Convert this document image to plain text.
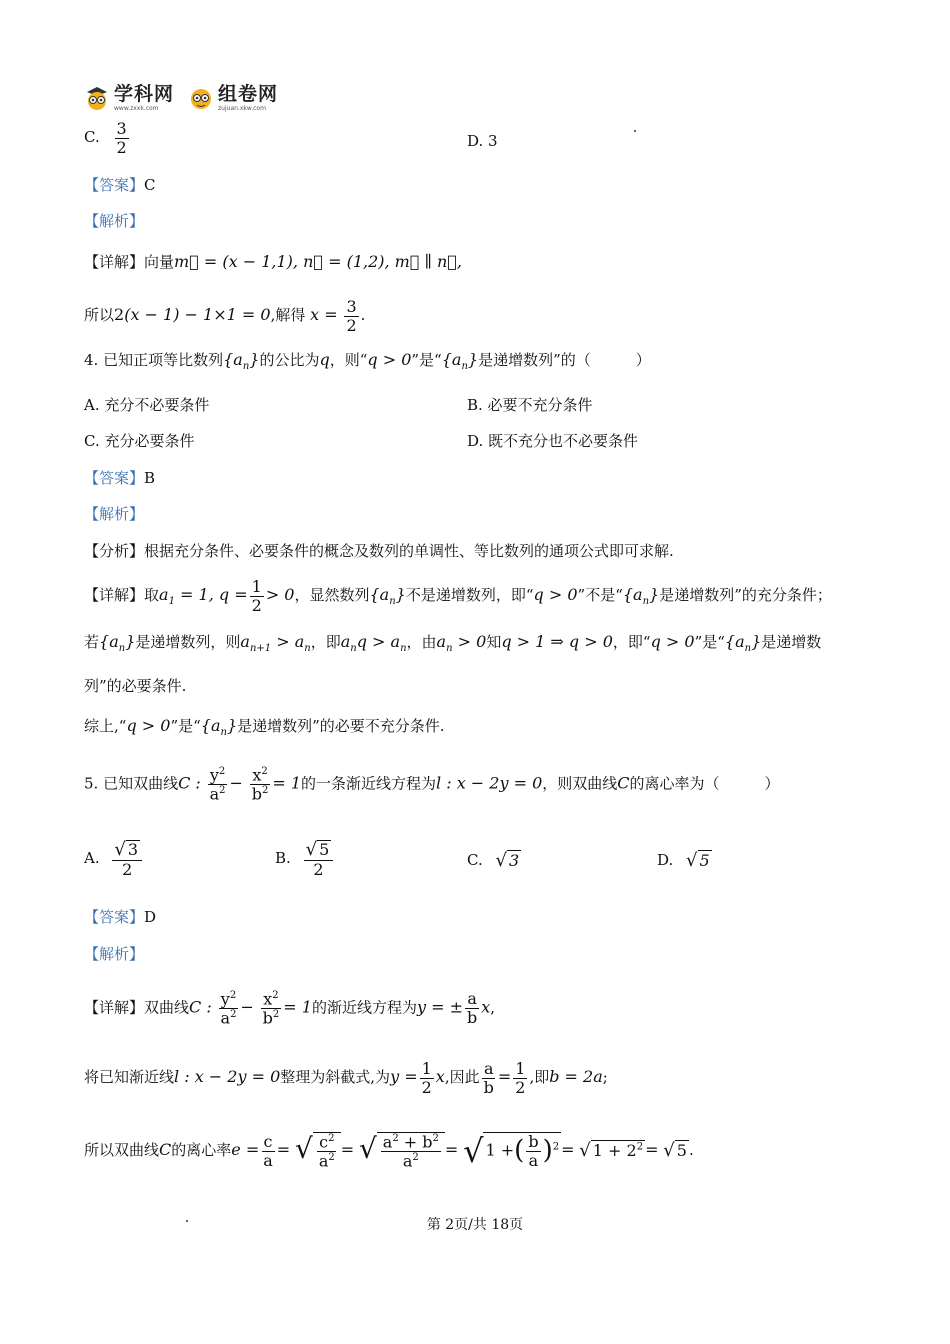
学科网
www.zxxk.com
组卷网
zujuan.xkw.com
C. $\frac{3}{2}$	D. 3
【答案】C
【解析】
【详解】向量m⃗ = (x − 1,1), n⃗ = (1,2), m⃗ ∥ n⃗,
所以2(x − 1) − 1×1 = 0,解得 $x = \frac{3}{2}$ .
4. 已知正项等比数列$\{a_n\}$的公比为q，则“q > 0”是“$\{a_n\}$是递增数列”的（　　　）
A. 充分不必要条件	B. 必要不充分条件
C. 充分必要条件	D. 既不充分也不必要条件
【答案】B
【解析】
【分析】根据充分条件、必要条件的概念及数列的单调性、等比数列的通项公式即可求解.
【详解】取$a_1 = 1$, $q = \frac{1}{2} > 0$，显然数列$\{a_n\}$不是递增数列，即“q > 0”不是“$\{a_n\}$是递增数列”的充分条件；
若$\{a_n\}$是递增数列，则$a_{n+1} > a_n$，即$a_nq > a_n$，由$a_n > 0$知q > 1 ⇒ q > 0，即“q > 0”是“$\{a_n\}$是递增数
列”的必要条件.
综上,“q > 0”是“$\{a_n\}$是递增数列”的必要不充分条件.
5. 已知双曲线C : $\frac{y^2}{a^2} - \frac{x^2}{b^2} = 1$的一条渐近线方程为l : x − 2y = 0，则双曲线C的离心率为（　　　）
A. $\frac{√ 3}{2}$	B. $\frac{√ 5}{2}$	C. √ 3	D. √ 5
【答案】D
【解析】
【详解】双曲线C : $\frac{y^2}{a^2} - \frac{x^2}{b^2} = 1$的渐近线方程为y = ± $\frac{a}{b} x$,
将已知渐近线l : x − 2y = 0整理为斜截式,为$y = \frac{1}{2} x$,因此 $\frac{a}{b} = \frac{1}{2}$ ,即b = 2a;
所以双曲线C的离心率$e = \frac{c}{a}$ = √ $\frac{c^2}{a^2}$ = √ $\frac{a^2 + b^2}{a^2}$ = √ 1 +( $\frac{b}{a} )^2$ = √ $1 + 2^2$ = √ 5 .
第 2页/共 18页
